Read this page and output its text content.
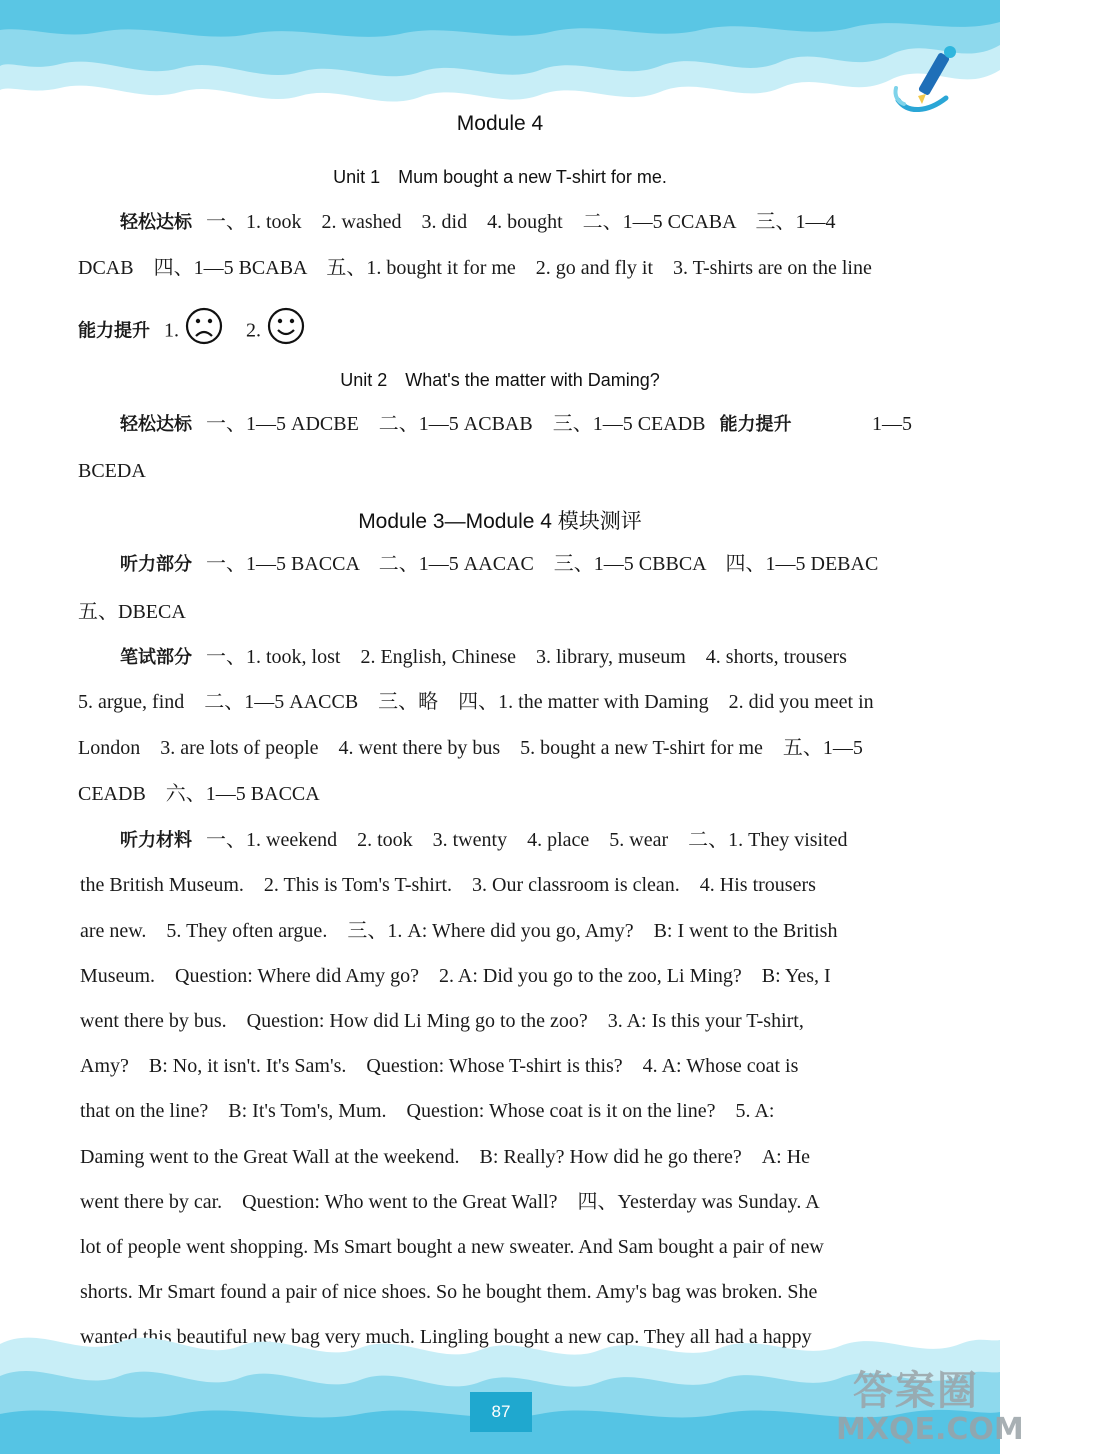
Module 4
Unit 1　Mum bought a new T-shirt for me.
轻松达标 一、1. took　2. washed　3. did　4. bought　二、1—5 CCABA　三、1—4
DCAB　四、1—5 BCABA　五、1. bought it for me　2. go and fly it　3. T-shirts are on the line
能力提升 1.	2.
Unit 2　What's the matter with Daming?
轻松达标 一、1—5 ADCBE　二、1—5 ACBAB　三、1—5 CEADB 能力提升	1—5
BCEDA
Module 3—Module 4 模块测评
听力部分 一、1—5 BACCA　二、1—5 AACAC　三、1—5 CBBCA　四、1—5 DEBAC
五、DBECA
笔试部分 一、1. took, lost　2. English, Chinese　3. library, museum　4. shorts, trousers
5. argue, find　二、1—5 AACCB　三、略　四、1. the matter with Daming　2. did you meet in
London　3. are lots of people　4. went there by bus　5. bought a new T-shirt for me　五、1—5
CEADB　六、1—5 BACCA
听力材料 一、1. weekend　2. took　3. twenty　4. place　5. wear　二、1. They visited
the British Museum.　2. This is Tom's T-shirt.　3. Our classroom is clean.　4. His trousers
are new.　5. They often argue.　三、1. A: Where did you go, Amy?　B: I went to the British
Museum.　Question: Where did Amy go?　2. A: Did you go to the zoo, Li Ming?　B: Yes, I
went there by bus.　Question: How did Li Ming go to the zoo?　3. A: Is this your T-shirt,
Amy?　B: No, it isn't. It's Sam's.　Question: Whose T-shirt is this?　4. A: Whose coat is
that on the line?　B: It's Tom's, Mum.　Question: Whose coat is it on the line?　5. A:
Daming went to the Great Wall at the weekend.　B: Really? How did he go there?　A: He
went there by car.　Question: Who went to the Great Wall?　四、Yesterday was Sunday. A
lot of people went shopping. Ms Smart bought a new sweater. And Sam bought a pair of new
shorts. Mr Smart found a pair of nice shoes. So he bought them. Amy's bag was broken. She
wanted this beautiful new bag very much. Lingling bought a new cap. They all had a happy
87	答案圈
MXQE.COM
